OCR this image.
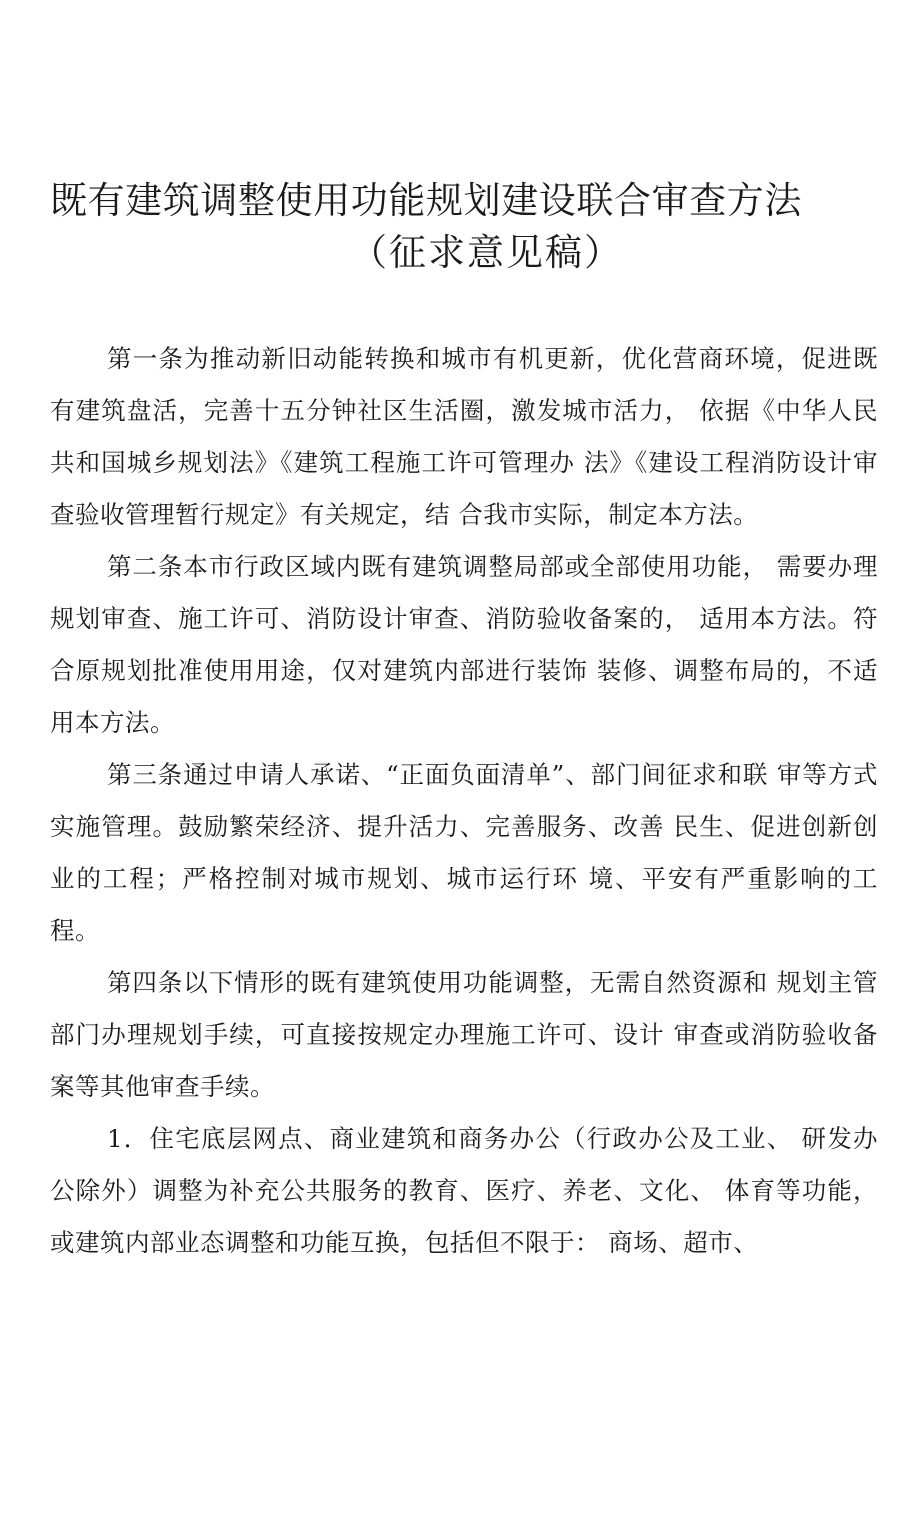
既有建筑调整使用功能规划建设联合审查方法
（征求意见稿）

第一条为推动新旧动能转换和城市有机更新，优化营商环境，促进既有建筑盘活，完善十五分钟社区生活圈，激发城市活力， 依据《中华人民共和国城乡规划法》《建筑工程施工许可管理办 法》《建设工程消防设计审查验收管理暂行规定》有关规定，结 合我市实际，制定本方法。

第二条本市行政区域内既有建筑调整局部或全部使用功能， 需要办理规划审查、施工许可、消防设计审查、消防验收备案的， 适用本方法。符合原规划批准使用用途，仅对建筑内部进行装饰 装修、调整布局的，不适用本方法。

第三条通过申请人承诺、“正面负面清单”、部门间征求和联 审等方式实施管理。鼓励繁荣经济、提升活力、完善服务、改善 民生、促进创新创业的工程；严格控制对城市规划、城市运行环 境、平安有严重影响的工程。

第四条以下情形的既有建筑使用功能调整，无需自然资源和 规划主管部门办理规划手续，可直接按规定办理施工许可、设计 审查或消防验收备案等其他审查手续。

1．住宅底层网点、商业建筑和商务办公（行政办公及工业、 研发办公除外）调整为补充公共服务的教育、医疗、养老、文化、 体育等功能，或建筑内部业态调整和功能互换，包括但不限于： 商场、超市、
